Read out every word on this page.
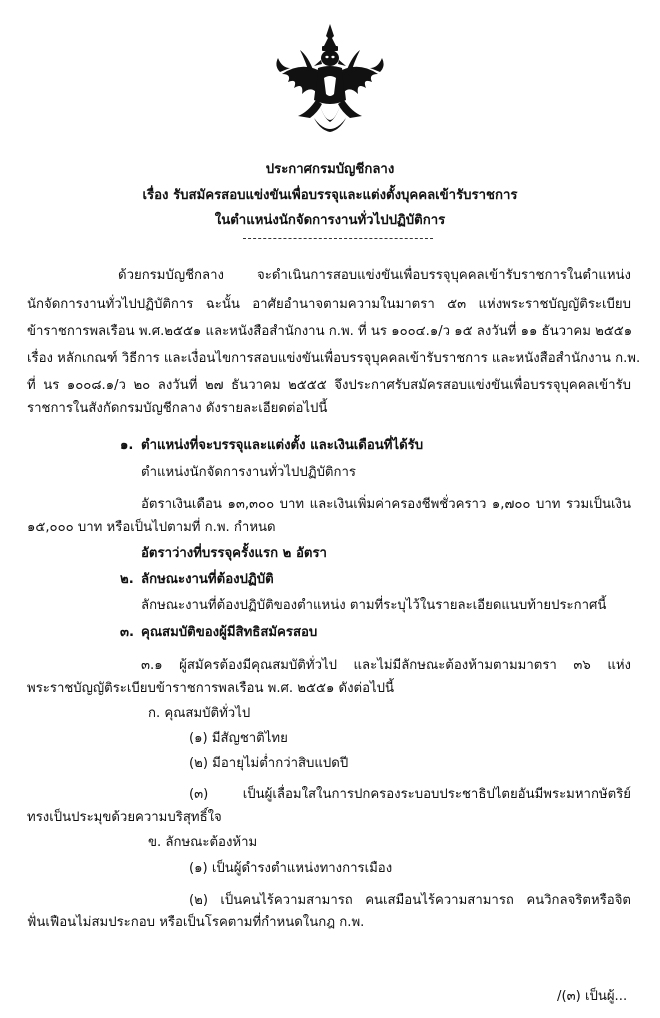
ประกาศกรมบัญชีกลาง
เรื่อง รับสมัครสอบแข่งขันเพื่อบรรจุและแต่งตั้งบุคคลเข้ารับราชการ
ในตำแหน่งนักจัดการงานทั่วไปปฏิบัติการ
ด้วยกรมบัญชีกลาง จะดำเนินการสอบแข่งขันเพื่อบรรจุบุคคลเข้ารับราชการในตำแหน่ง
นักจัดการงานทั่วไปปฏิบัติการ ฉะนั้น อาศัยอำนาจตามความในมาตรา ๕๓ แห่งพระราชบัญญัติระเบียบ
ข้าราชการพลเรือน พ.ศ.๒๕๕๑ และหนังสือสำนักงาน ก.พ. ที่ นร ๑๐๐๔.๑/ว ๑๕ ลงวันที่ ๑๑ ธันวาคม ๒๕๕๑
เรื่อง หลักเกณฑ์ วิธีการ และเงื่อนไขการสอบแข่งขันเพื่อบรรจุบุคคลเข้ารับราชการ และหนังสือสำนักงาน ก.พ.
ที่ นร ๑๐๐๘.๑/ว ๒๐ ลงวันที่ ๒๗ ธันวาคม ๒๕๕๕ จึงประกาศรับสมัครสอบแข่งขันเพื่อบรรจุบุคคลเข้ารับ
ราชการในสังกัดกรมบัญชีกลาง ดังรายละเอียดต่อไปนี้
๑. ตำแหน่งที่จะบรรจุและแต่งตั้ง และเงินเดือนที่ได้รับ
ตำแหน่งนักจัดการงานทั่วไปปฏิบัติการ
อัตราเงินเดือน ๑๓,๓๐๐ บาท และเงินเพิ่มค่าครองชีพชั่วคราว ๑,๗๐๐ บาท รวมเป็นเงิน
๑๕,๐๐๐ บาท หรือเป็นไปตามที่ ก.พ. กำหนด
อัตราว่างที่บรรจุครั้งแรก ๒ อัตรา
๒. ลักษณะงานที่ต้องปฏิบัติ
ลักษณะงานที่ต้องปฏิบัติของตำแหน่ง ตามที่ระบุไว้ในรายละเอียดแนบท้ายประกาศนี้
๓. คุณสมบัติของผู้มีสิทธิสมัครสอบ
๓.๑ ผู้สมัครต้องมีคุณสมบัติทั่วไป และไม่มีลักษณะต้องห้ามตามมาตรา ๓๖ แห่ง
พระราชบัญญัติระเบียบข้าราชการพลเรือน พ.ศ. ๒๕๕๑ ดังต่อไปนี้
ก. คุณสมบัติทั่วไป
(๑) มีสัญชาติไทย
(๒) มีอายุไม่ต่ำกว่าสิบแปดปี
(๓) เป็นผู้เลื่อมใสในการปกครองระบอบประชาธิปไตยอันมีพระมหากษัตริย์
ทรงเป็นประมุขด้วยความบริสุทธิ์ใจ
ข. ลักษณะต้องห้าม
(๑) เป็นผู้ดำรงตำแหน่งทางการเมือง
(๒) เป็นคนไร้ความสามารถ คนเสมือนไร้ความสามารถ คนวิกลจริตหรือจิต
ฟั่นเฟือนไม่สมประกอบ หรือเป็นโรคตามที่กำหนดในกฎ ก.พ.
/(๓) เป็นผู้...
